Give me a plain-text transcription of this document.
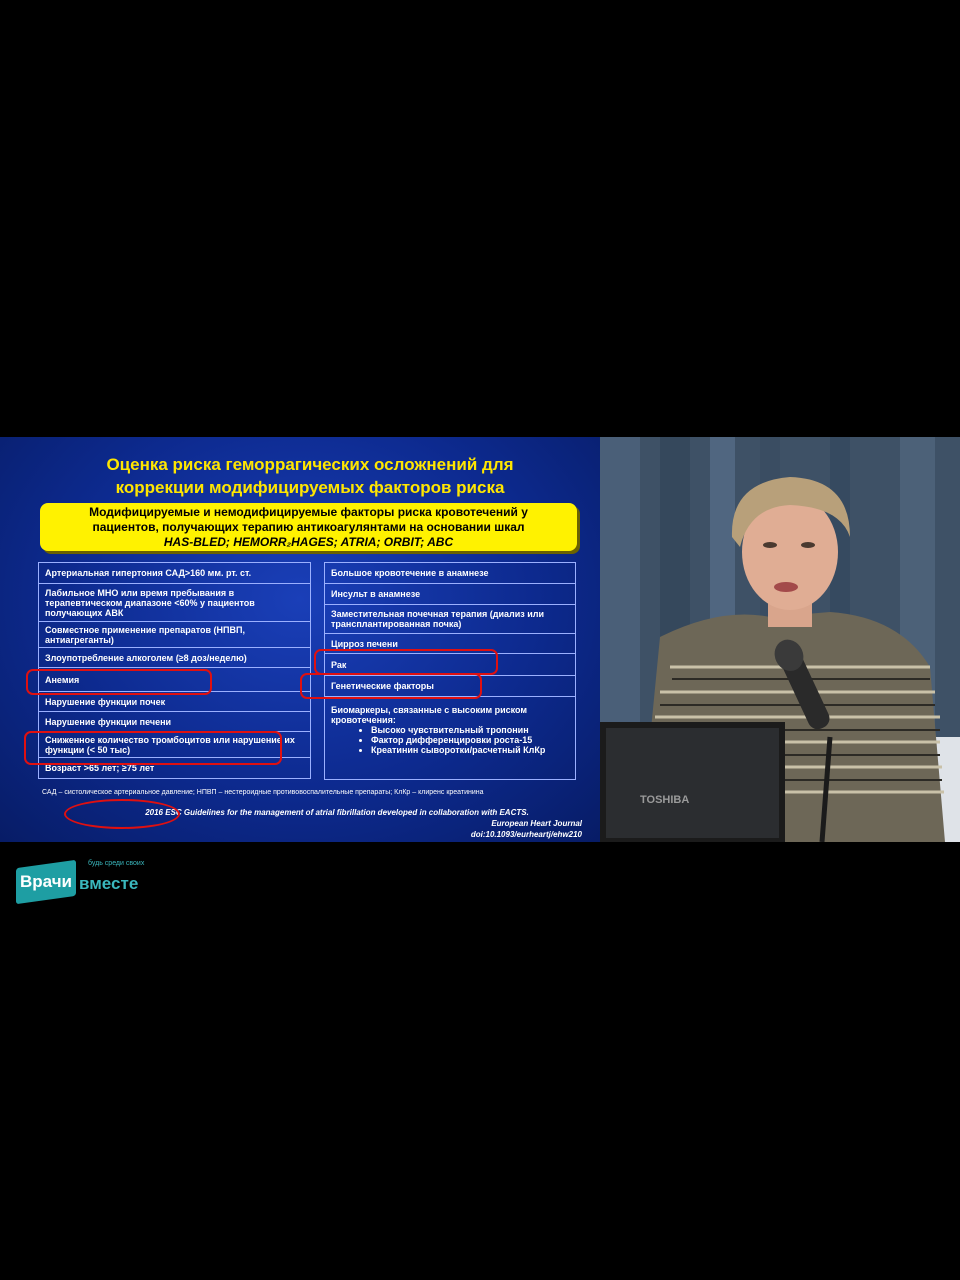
Оценка риска геморрагических осложнений для
коррекции модифицируемых факторов риска
Модифицируемые и немодифицируемые факторы риска кровотечений у
пациентов, получающих терапию антикоагулянтами на основании шкал
HAS-BLED; HEMORR₂HAGES; ATRIA; ORBIT; ABC
Артериальная гипертония САД>160 мм. рт. ст.
Лабильное МНО или время пребывания в терапевтическом диапазоне <60% у пациентов получающих АВК
Совместное применение препаратов (НПВП, антиагреганты)
Злоупотребление алкоголем (≥8 доз/неделю)
Анемия
Нарушение функции почек
Нарушение функции печени
Сниженное количество тромбоцитов или нарушение их функции (< 50 тыс)
Возраст >65 лет; ≥75 лет
Большое кровотечение в анамнезе
Инсульт в анамнезе
Заместительная почечная терапия (диализ или трансплантированная почка)
Цирроз печени
Рак
Генетические факторы
Биомаркеры, связанные с высоким риском кровотечения:
• Высоко чувствительный тропонин
• Фактор дифференцировки роста-15
• Креатинин сыворотки/расчетный КлКр
САД – систолическое артериальное давление; НПВП – нестероидные противовоспалительные препараты; КлКр – клиренс креатинина
2016 ESC Guidelines for the management of atrial fibrillation developed in collaboration with EACTS.
European Heart Journal
doi:10.1093/eurheartj/ehw210
TOSHIBA
Врачи вместе
будь среди своих
